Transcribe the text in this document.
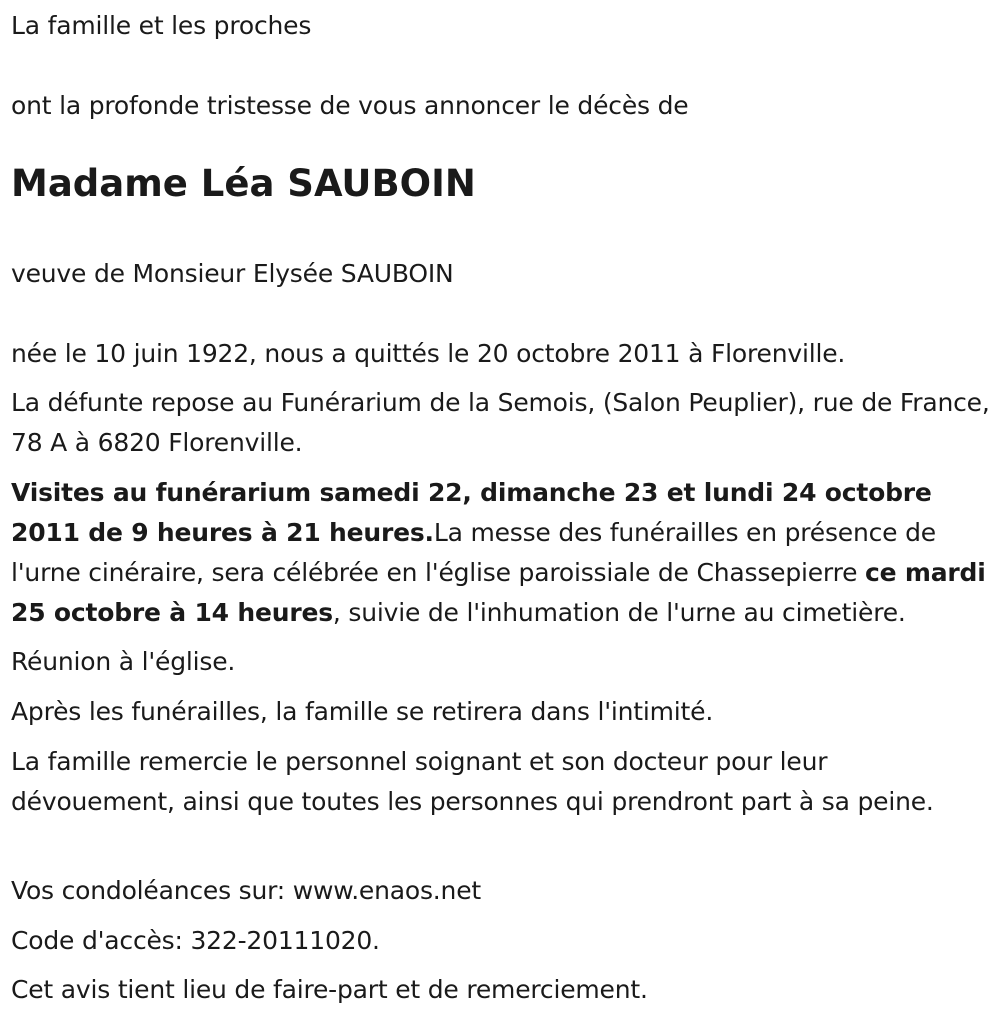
La famille et les proches

ont la profonde tristesse de vous annoncer le décès de

Madame Léa SAUBOIN

veuve de Monsieur Elysée SAUBOIN

née le 10 juin 1922, nous a quittés le 20 octobre 2011 à Florenville.

La défunte repose au Funérarium de la Semois, (Salon Peuplier), rue de France, 78 A à 6820 Florenville.

Visites au funérarium samedi 22, dimanche 23 et lundi 24 octobre 2011 de 9 heures à 21 heures.La messe des funérailles en présence de l'urne cinéraire, sera célébrée en l'église paroissiale de Chassepierre ce mardi 25 octobre à 14 heures, suivie de l'inhumation de l'urne au cimetière.

Réunion à l'église.

Après les funérailles, la famille se retirera dans l'intimité.

La famille remercie le personnel soignant et son docteur pour leur dévouement, ainsi que toutes les personnes qui prendront part à sa peine.

Vos condoléances sur: www.enaos.net

Code d'accès: 322-20111020.

Cet avis tient lieu de faire-part et de remerciement.
